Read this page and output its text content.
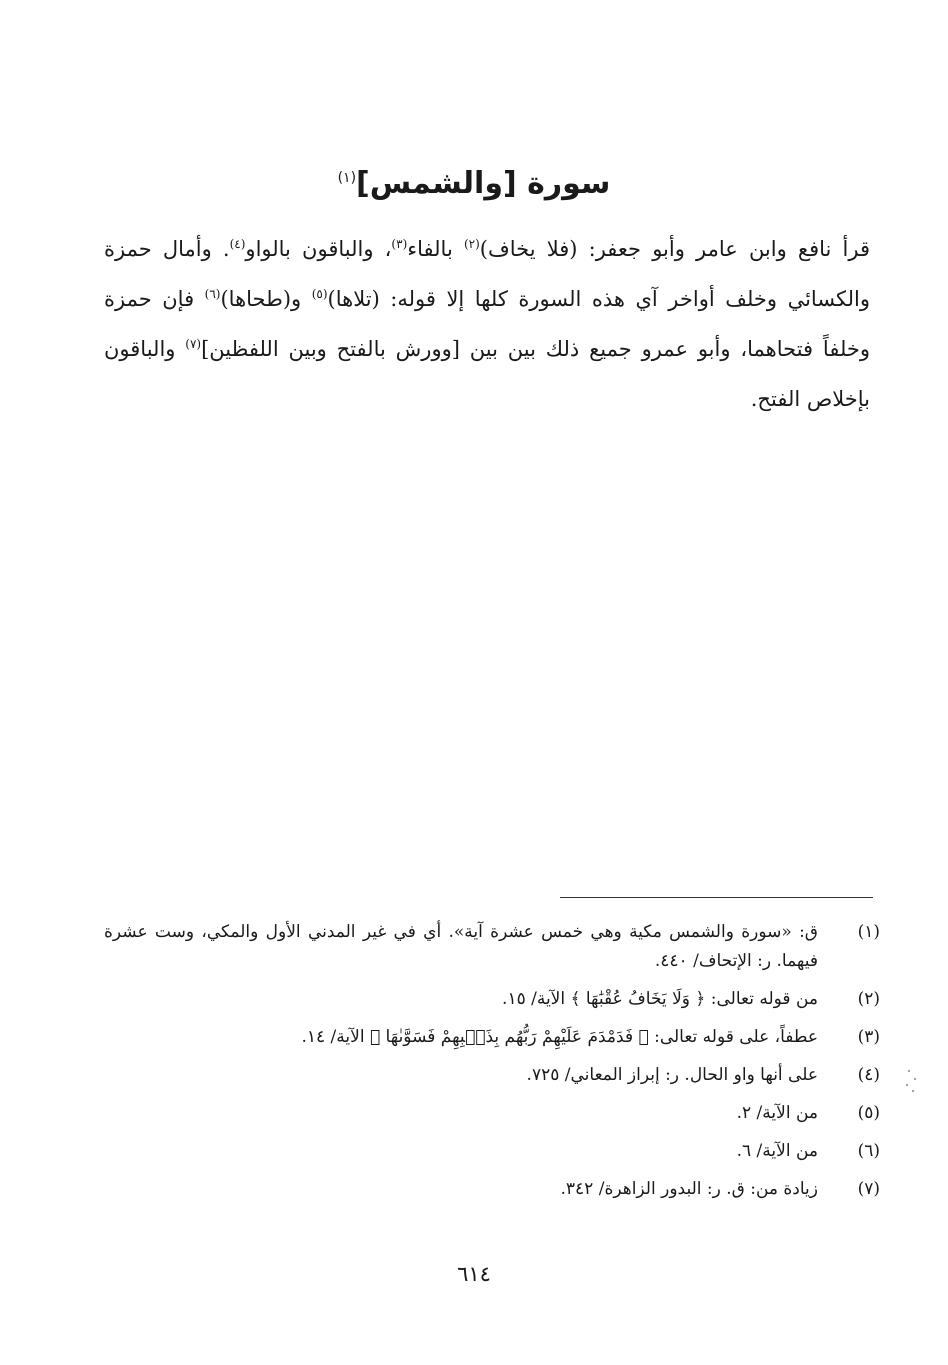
سورة [والشمس]$^{(١)}$

قرأ نافع وابن عامر وأبو جعفر: (فلا يخاف)$^{(٢)}$ بالفاء$^{(٣)}$، والباقون بالواو$^{(٤)}$. وأمال حمزة والكسائي وخلف أواخر آي هذه السورة كلها إلا قوله: (تلاها)$^{(٥)}$ و(طحاها)$^{(٦)}$ فإن حمزة وخلفاً فتحاهما، وأبو عمرو جميع ذلك بين بين [وورش بالفتح وبين اللفظين]$^{(٧)}$ والباقون بإخلاص الفتح.

(١)
ق: «سورة والشمس مكية وهي خمس عشرة آية». أي في غير المدني الأول والمكي، وست عشرة فيهما. ر: الإتحاف/ ٤٤٠.
(٢)
من قوله تعالى: ﴿ وَلَا يَخَافُ عُقْبَٰهَا ﴾ الآية/ ١٥.
(٣)
عطفاً، على قوله تعالى: ﴿ فَدَمْدَمَ عَلَيْهِمْ رَبُّهُم بِذَنۢبِهِمْ فَسَوَّىٰهَا ﴾ الآية/ ١٤.
(٤)
على أنها واو الحال. ر: إبراز المعاني/ ٧٢٥.
(٥)
من الآية/ ٢.
(٦)
من الآية/ ٦.
(٧)
زيادة من: ق. ر: البدور الزاهرة/ ٣٤٢.
٦١٤
